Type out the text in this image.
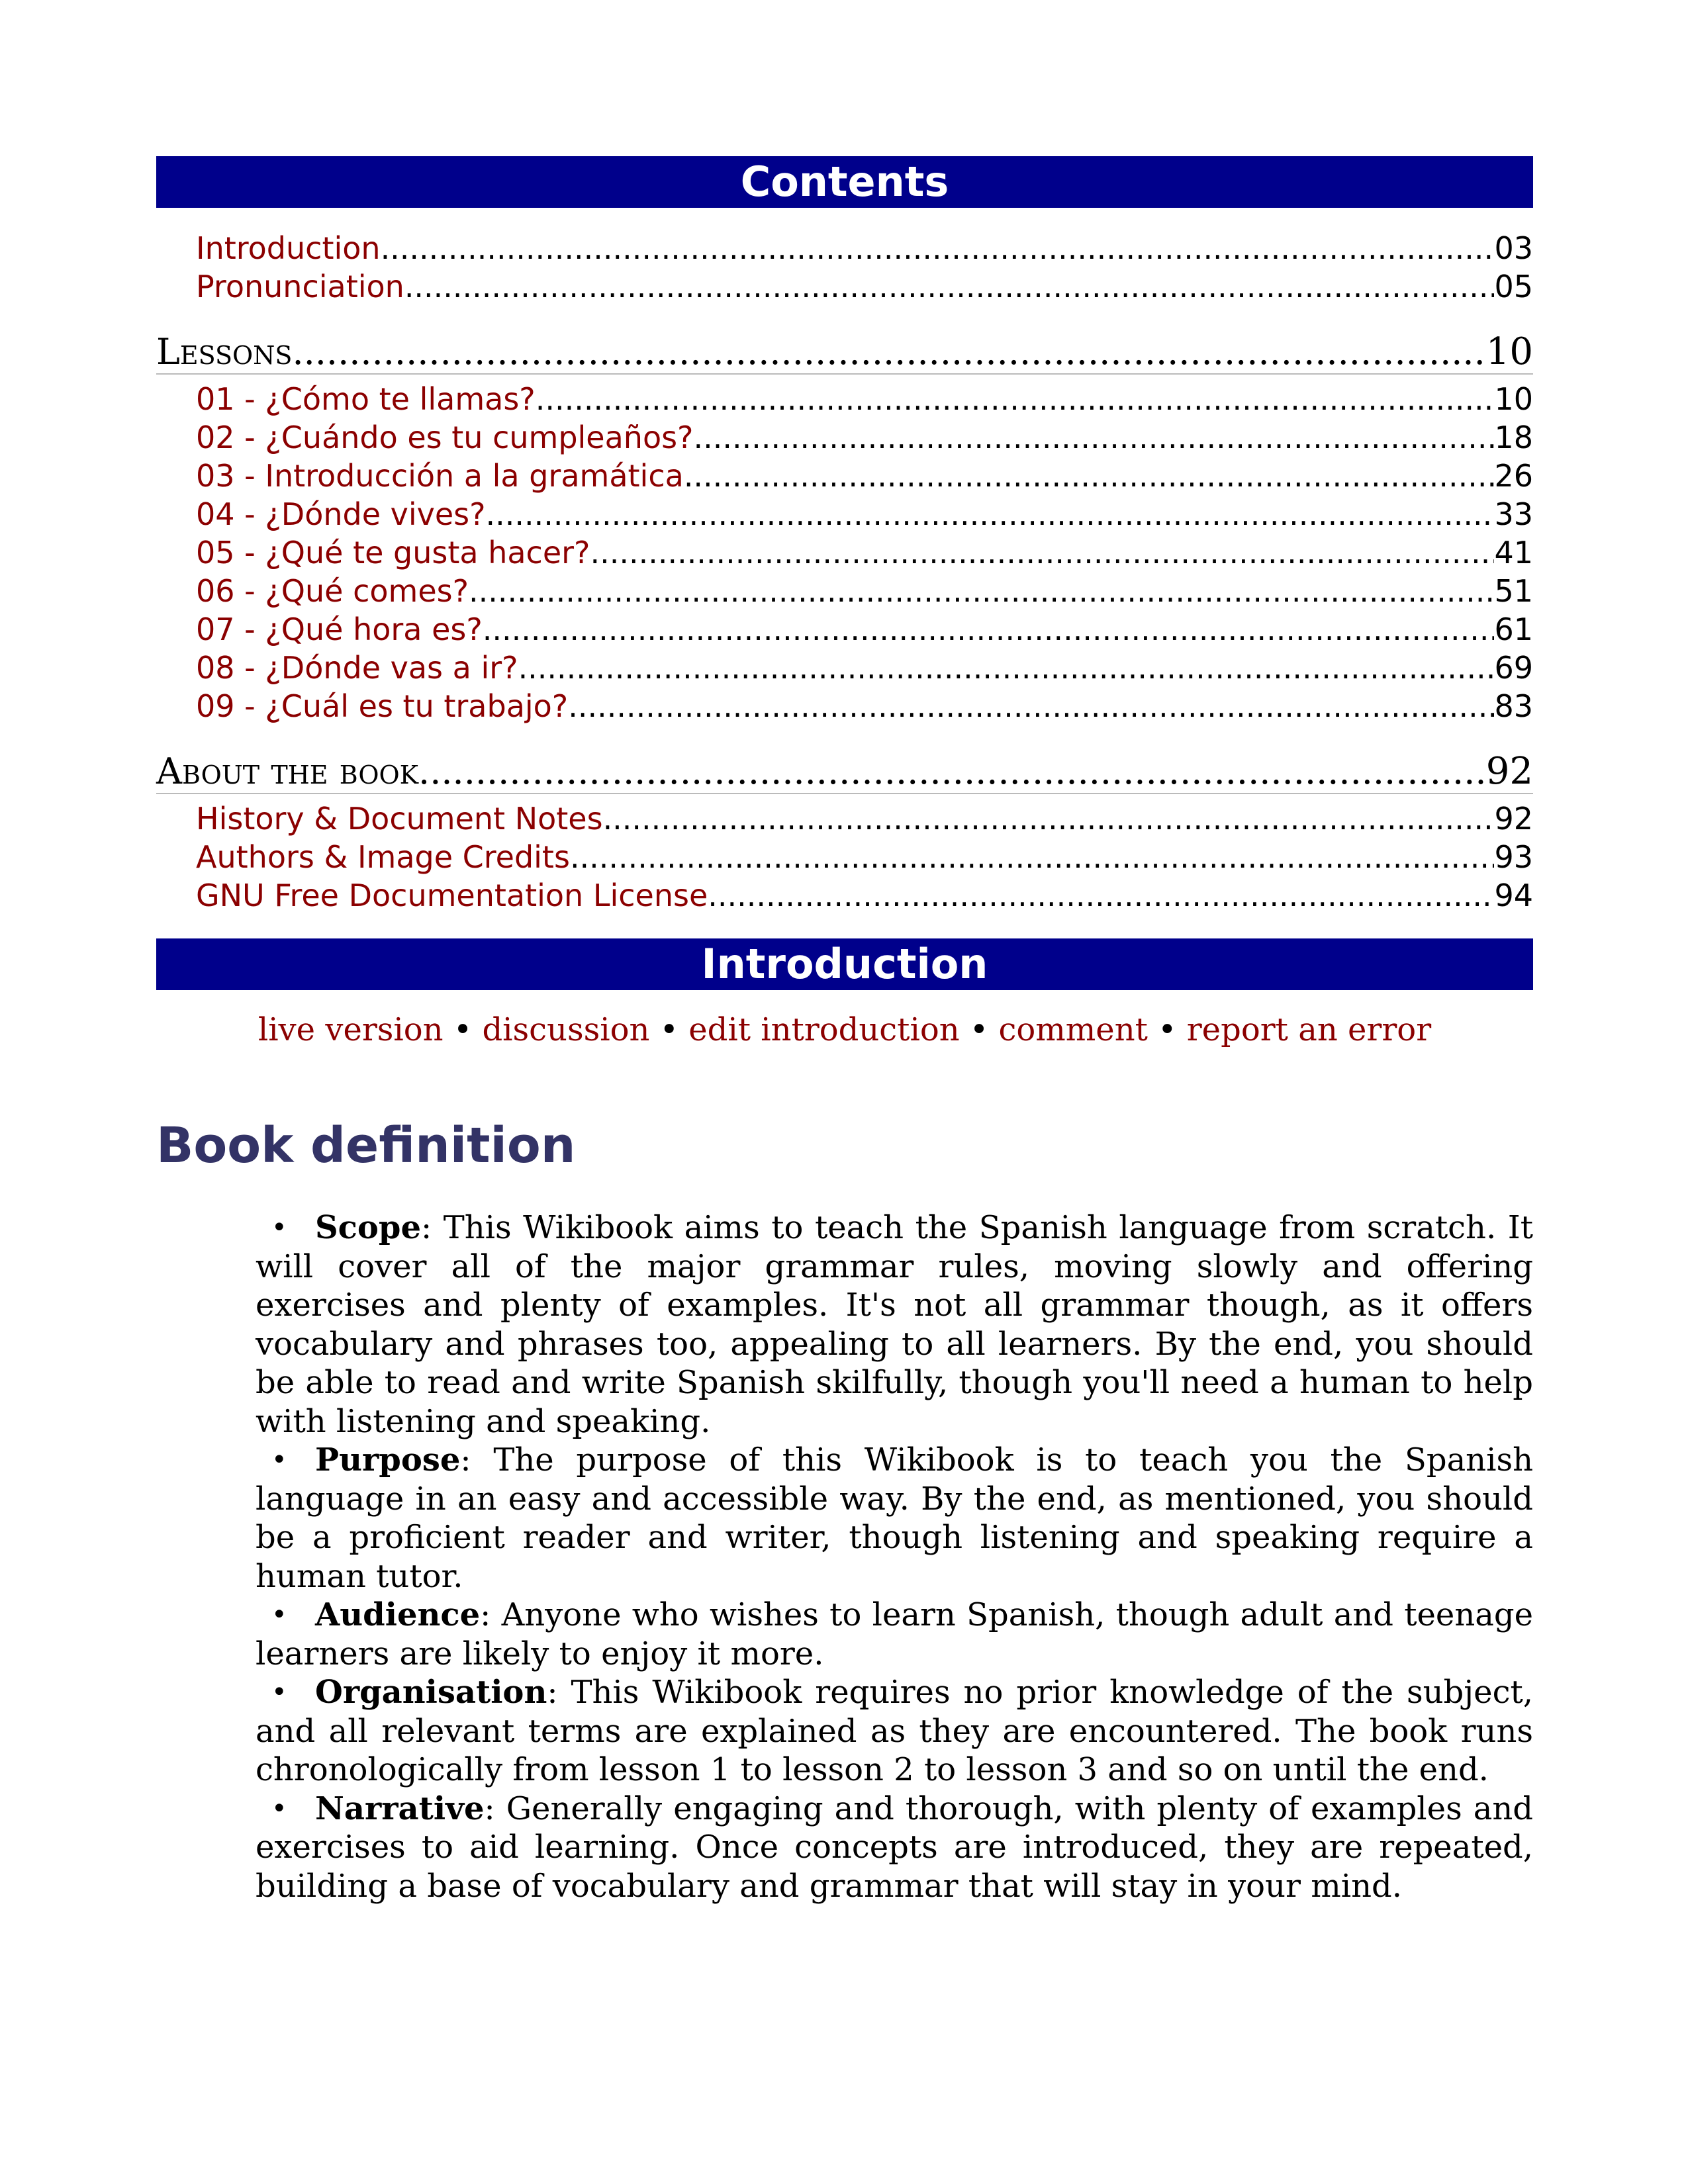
Contents
Introduction .....	03
Pronunciation .....	05
Lessons .....	10
01 - ¿Cómo te llamas? .....	10
02 - ¿Cuándo es tu cumpleaños? .....	18
03 - Introducción a la gramática .....	26
04 - ¿Dónde vives? .....	33
05 - ¿Qué te gusta hacer? .....	41
06 - ¿Qué comes? .....	51
07 - ¿Qué hora es? .....	61
08 - ¿Dónde vas a ir? .....	69
09 - ¿Cuál es tu trabajo? .....	83
About the book .....	92
History & Document Notes .....	92
Authors & Image Credits .....	93
GNU Free Documentation License .....	94
Introduction
live version • discussion • edit introduction • comment • report an error
Book definition
• Scope: This Wikibook aims to teach the Spanish language from scratch. It will cover all of the major grammar rules, moving slowly and offering exercises and plenty of examples. It's not all grammar though, as it offers vocabulary and phrases too, appealing to all learners. By the end, you should be able to read and write Spanish skilfully, though you'll need a human to help with listening and speaking.
• Purpose: The purpose of this Wikibook is to teach you the Spanish language in an easy and accessible way. By the end, as mentioned, you should be a proficient reader and writer, though listening and speaking require a human tutor.
• Audience: Anyone who wishes to learn Spanish, though adult and teenage learners are likely to enjoy it more.
• Organisation: This Wikibook requires no prior knowledge of the subject, and all relevant terms are explained as they are encountered. The book runs chronologically from lesson 1 to lesson 2 to lesson 3 and so on until the end.
• Narrative: Generally engaging and thorough, with plenty of examples and exercises to aid learning. Once concepts are introduced, they are repeated, building a base of vocabulary and grammar that will stay in your mind.
